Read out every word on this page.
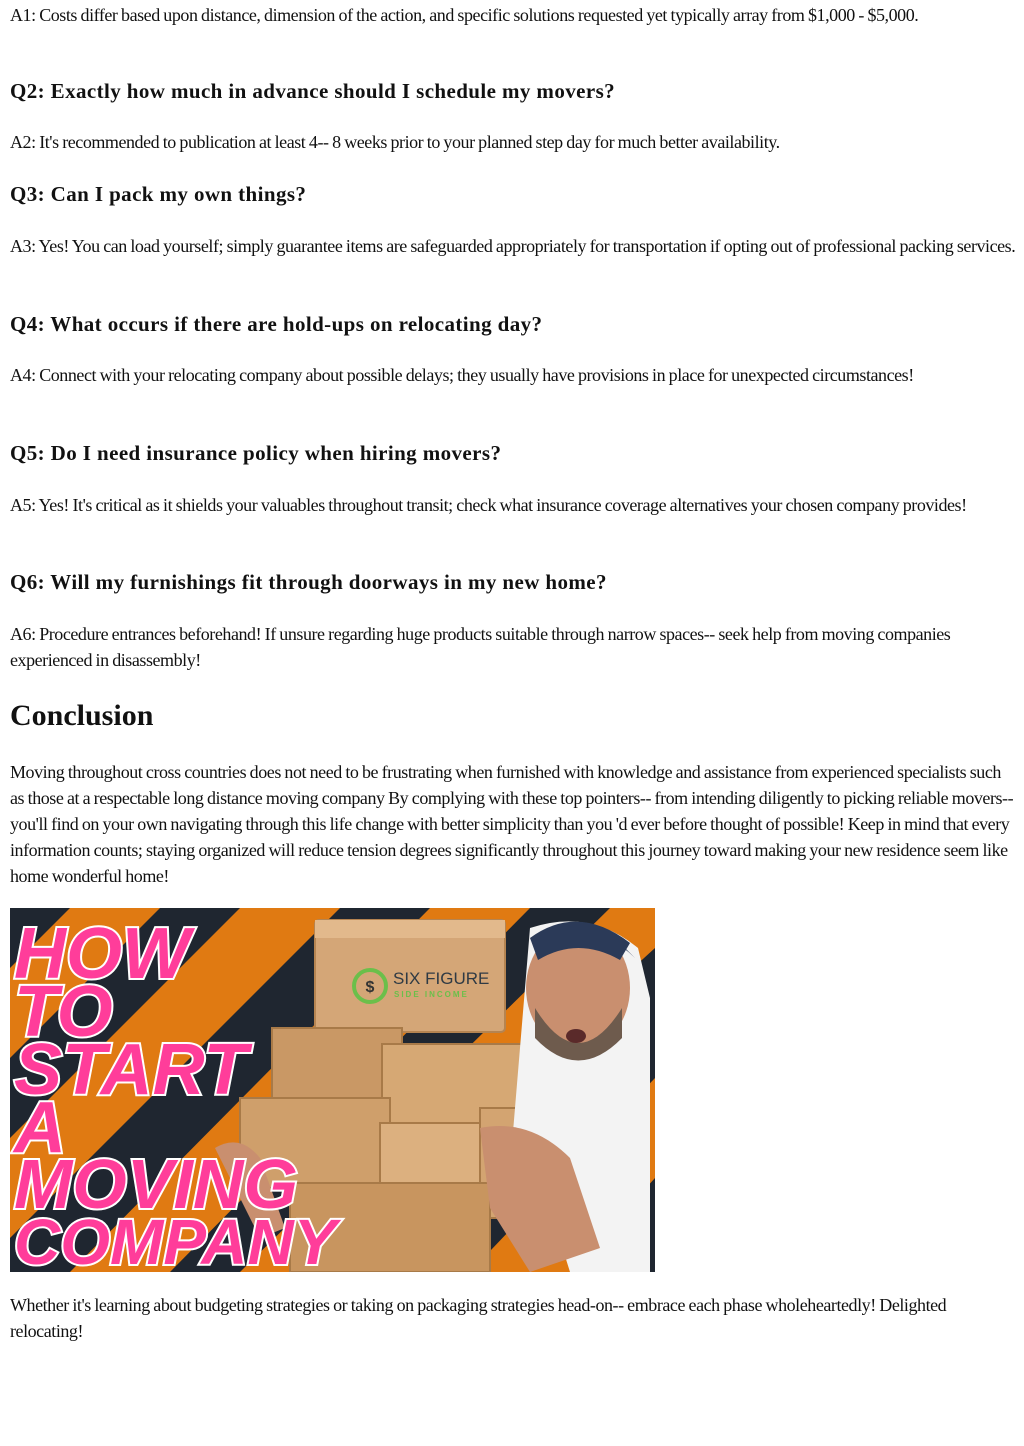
A1: Costs differ based upon distance, dimension of the action, and specific solutions requested yet typically array from $1,000 - $5,000.

Q2: Exactly how much in advance should I schedule my movers?

A2: It's recommended to publication at least 4-- 8 weeks prior to your planned step day for much better availability.

Q3: Can I pack my own things?

A3: Yes! You can load yourself; simply guarantee items are safeguarded appropriately for transportation if opting out of professional packing services.

Q4: What occurs if there are hold-ups on relocating day?

A4: Connect with your relocating company about possible delays; they usually have provisions in place for unexpected circumstances!

Q5: Do I need insurance policy when hiring movers?

A5: Yes! It's critical as it shields your valuables throughout transit; check what insurance coverage alternatives your chosen company provides!

Q6: Will my furnishings fit through doorways in my new home?

A6: Procedure entrances beforehand! If unsure regarding huge products suitable through narrow spaces-- seek help from moving companies experienced in disassembly!

Conclusion

Moving throughout cross countries does not need to be frustrating when furnished with knowledge and assistance from experienced specialists such as those at a respectable long distance moving company By complying with these top pointers-- from intending diligently to picking reliable movers-- you'll find on your own navigating through this life change with better simplicity than you 'd ever before thought of possible! Keep in mind that every information counts; staying organized will reduce tension degrees significantly throughout this journey toward making your new residence seem like home wonderful home!

$ SIX FIGURE
SIDE INCOME
HOW
TO
START
A
MOVING
COMPANY

Whether it's learning about budgeting strategies or taking on packaging strategies head-on-- embrace each phase wholeheartedly! Delighted relocating!
